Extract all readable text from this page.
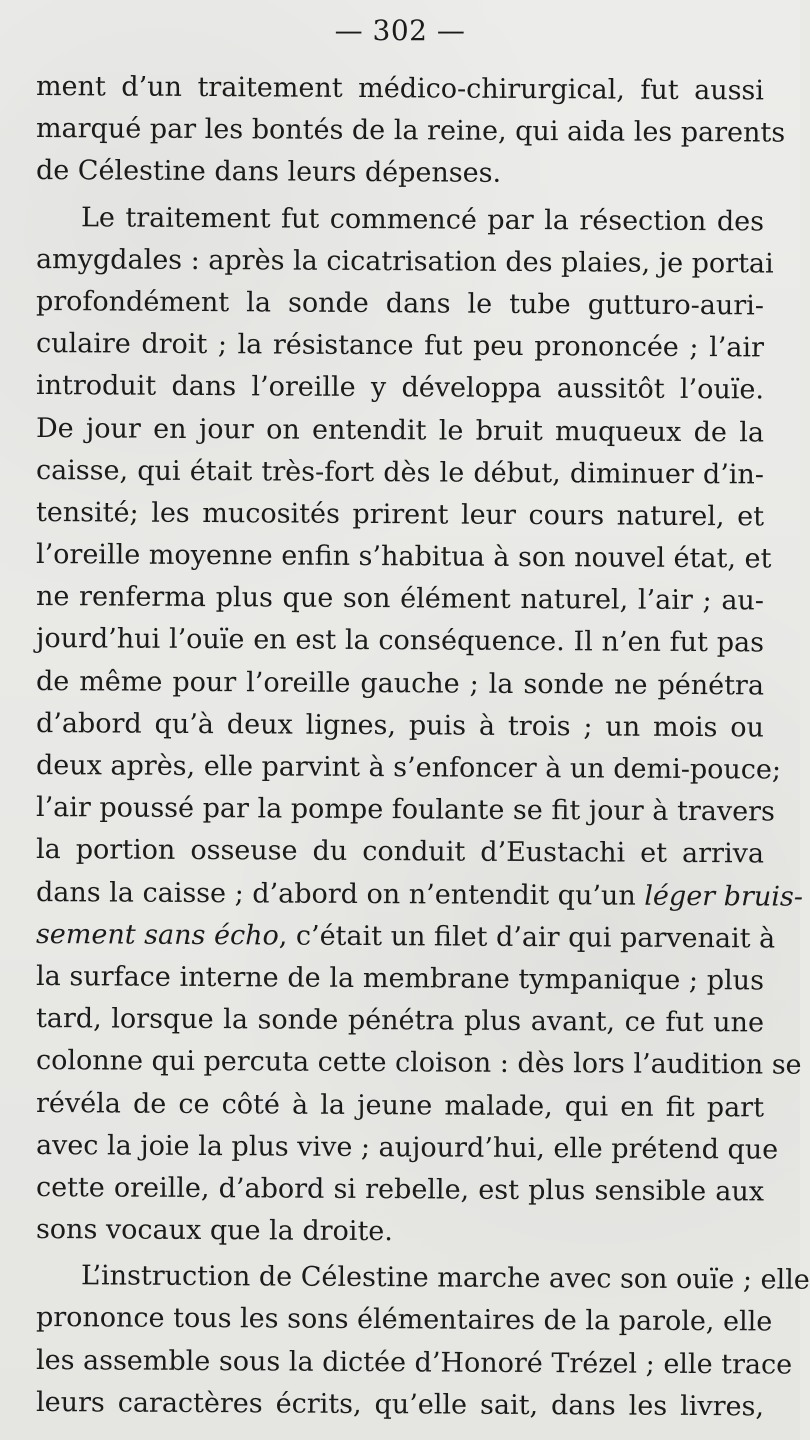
— 302 —
ment d’un traitement médico-chirurgical, fut aussi
marqué par les bontés de la reine, qui aida les parents
de Célestine dans leurs dépenses.
Le traitement fut commencé par la résection des
amygdales : après la cicatrisation des plaies, je portai
profondément la sonde dans le tube gutturo-auri-
culaire droit ; la résistance fut peu prononcée ; l’air
introduit dans l’oreille y développa aussitôt l’ouïe.
De jour en jour on entendit le bruit muqueux de la
caisse, qui était très-fort dès le début, diminuer d’in-
tensité; les mucosités prirent leur cours naturel, et
l’oreille moyenne enfin s’habitua à son nouvel état, et
ne renferma plus que son élément naturel, l’air ; au-
jourd’hui l’ouïe en est la conséquence. Il n’en fut pas
de même pour l’oreille gauche ; la sonde ne pénétra
d’abord qu’à deux lignes, puis à trois ; un mois ou
deux après, elle parvint à s’enfoncer à un demi-pouce;
l’air poussé par la pompe foulante se fit jour à travers
la portion osseuse du conduit d’Eustachi et arriva
dans la caisse ; d’abord on n’entendit qu’un léger bruis-
sement sans écho, c’était un filet d’air qui parvenait à
la surface interne de la membrane tympanique ; plus
tard, lorsque la sonde pénétra plus avant, ce fut une
colonne qui percuta cette cloison : dès lors l’audition se
révéla de ce côté à la jeune malade, qui en fit part
avec la joie la plus vive ; aujourd’hui, elle prétend que
cette oreille, d’abord si rebelle, est plus sensible aux
sons vocaux que la droite.
L’instruction de Célestine marche avec son ouïe ; elle
prononce tous les sons élémentaires de la parole, elle
les assemble sous la dictée d’Honoré Trézel ; elle trace
leurs caractères écrits, qu’elle sait, dans les livres,
